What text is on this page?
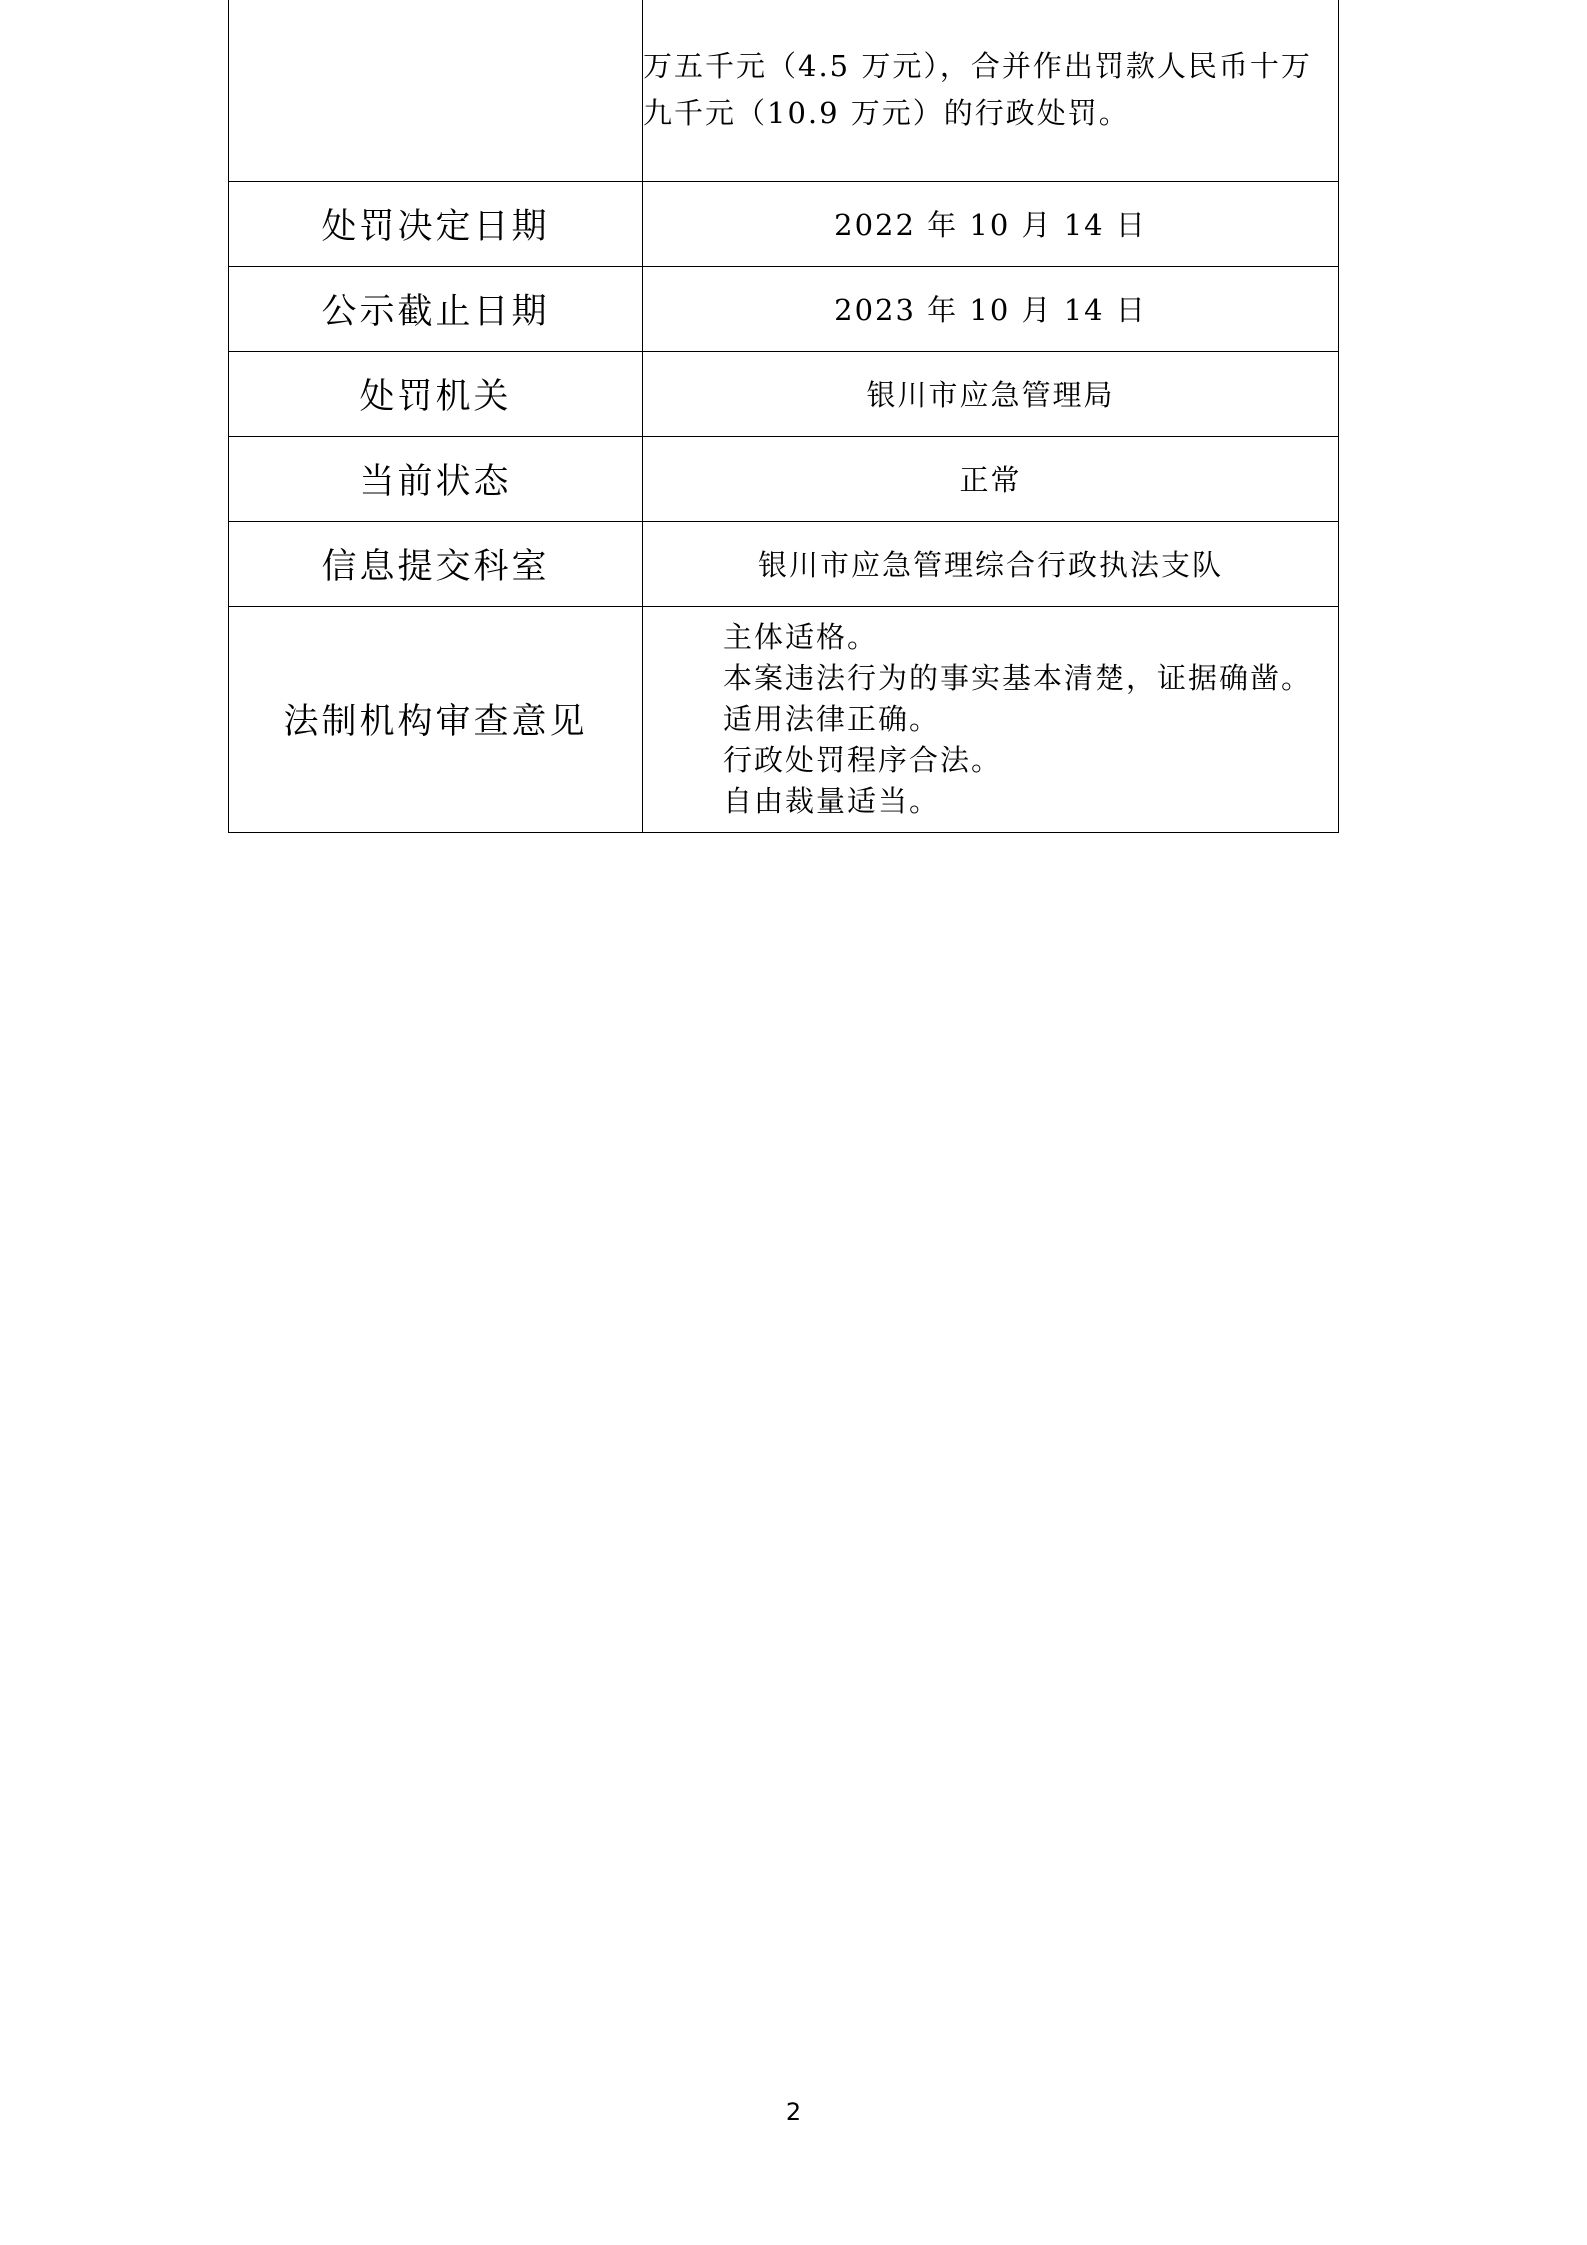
	万五千元（4.5 万元），合并作出罚款人民币十万
九千元（10.9 万元）的行政处罚。

处罚决定日期	2022 年 10 月 14 日
公示截止日期	2023 年 10 月 14 日
处罚机关	银川市应急管理局
当前状态	正常
信息提交科室	银川市应急管理综合行政执法支队
法制机构审查意见	主体适格。
本案违法行为的事实基本清楚，证据确凿。
适用法律正确。
行政处罚程序合法。
自由裁量适当。
2
